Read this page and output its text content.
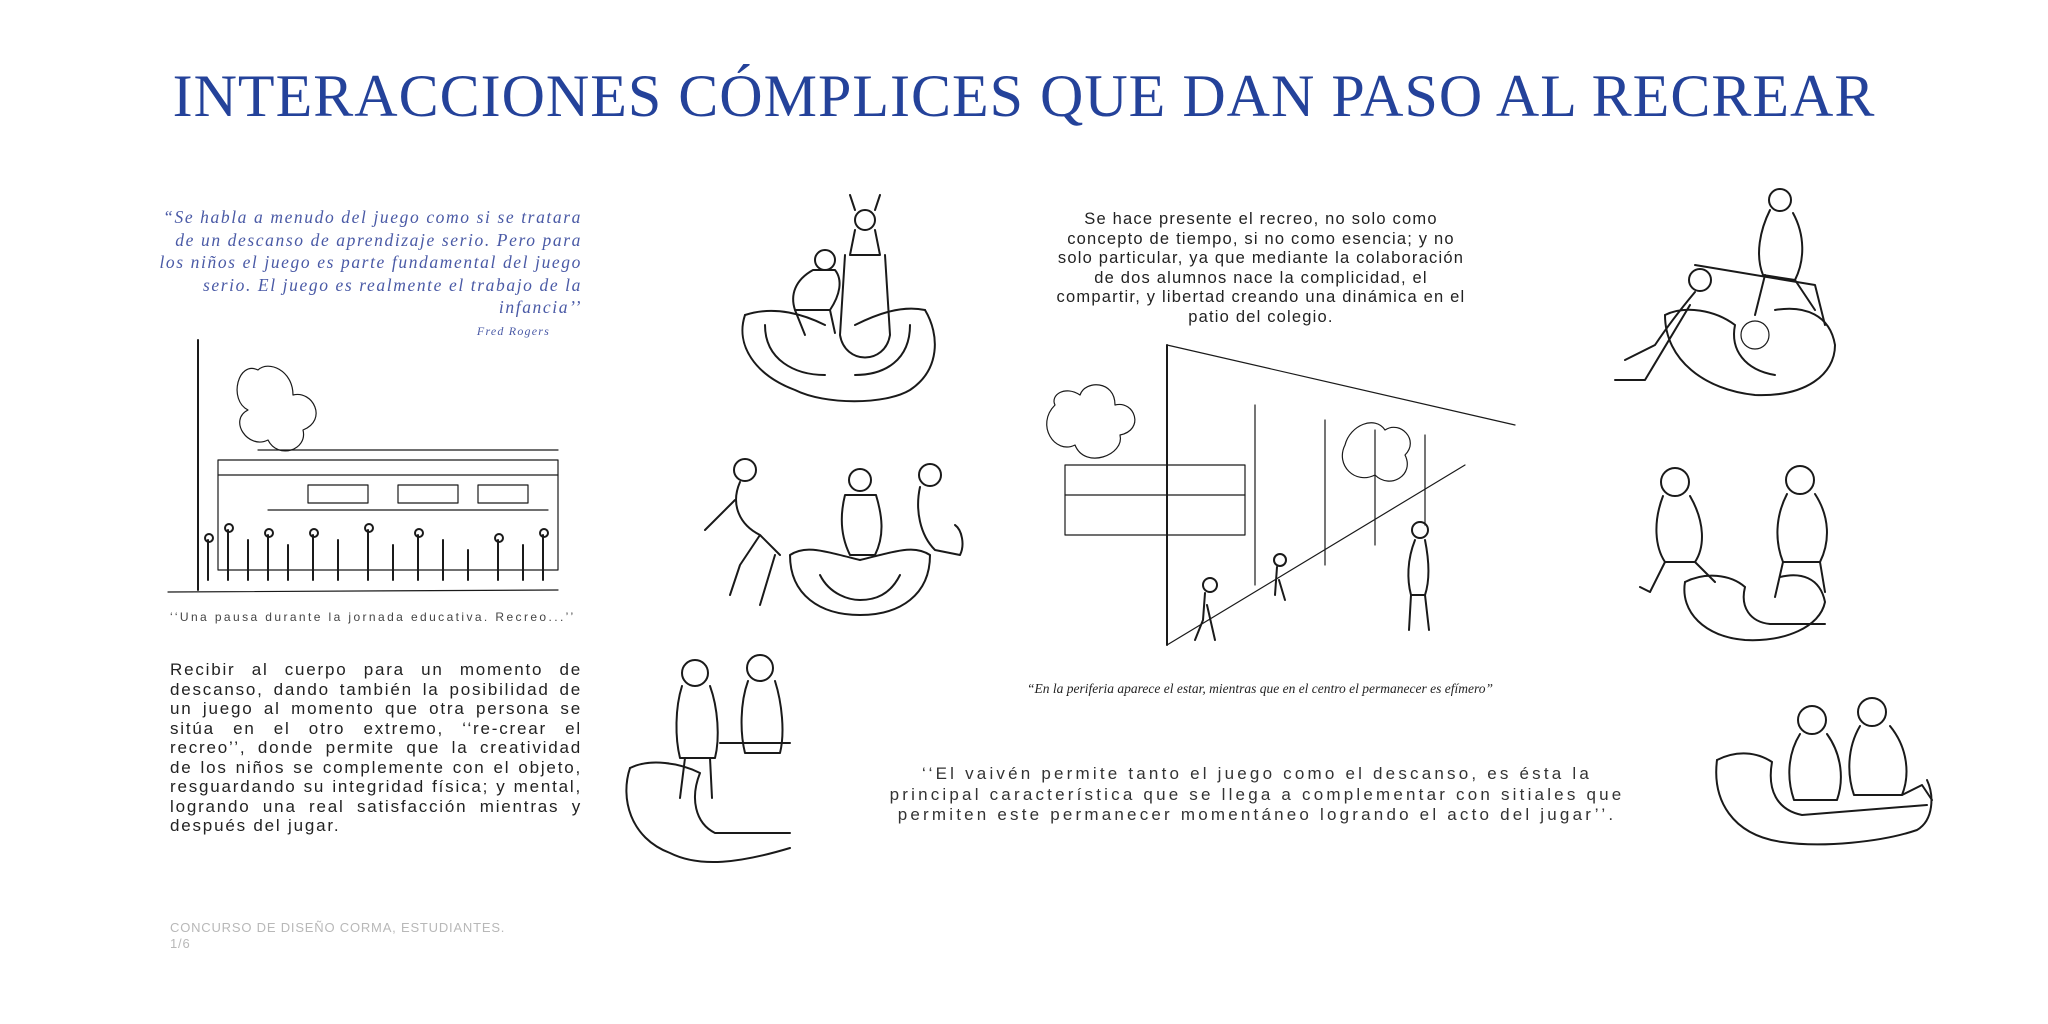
INTERACCIONES CÓMPLICES QUE DAN PASO AL RECREAR
“Se habla a menudo del juego como si se tratara de un descanso de aprendizaje serio. Pero para los niños el juego es parte fundamental del juego serio. El juego es realmente el trabajo de la infancia’’
Fred Rogers
‘‘Una pausa durante la jornada educativa. Recreo...’’
Recibir al cuerpo para un momento de descanso, dando también la posibilidad de un juego al momento que otra persona se sitúa en el otro extremo, ‘‘re-crear el recreo’’, donde permite que la creatividad de los niños se complemente con el objeto, resguardando su integridad física; y mental, logrando una real satisfacción mientras y después del jugar.
Se hace presente el recreo, no solo como concepto de tiempo, si no como esencia; y no solo particular, ya que mediante la colaboración de dos alumnos nace la complicidad, el compartir, y libertad creando una dinámica en el patio del colegio.
“En la periferia aparece el estar, mientras que en el centro el permanecer es efímero”
‘‘El vaivén permite tanto el juego como el descanso, es ésta la principal característica que se llega a complementar con sitiales que permiten este permanecer momentáneo logrando el acto del jugar’’.
CONCURSO DE DISEÑO CORMA, ESTUDIANTES.
1/6
